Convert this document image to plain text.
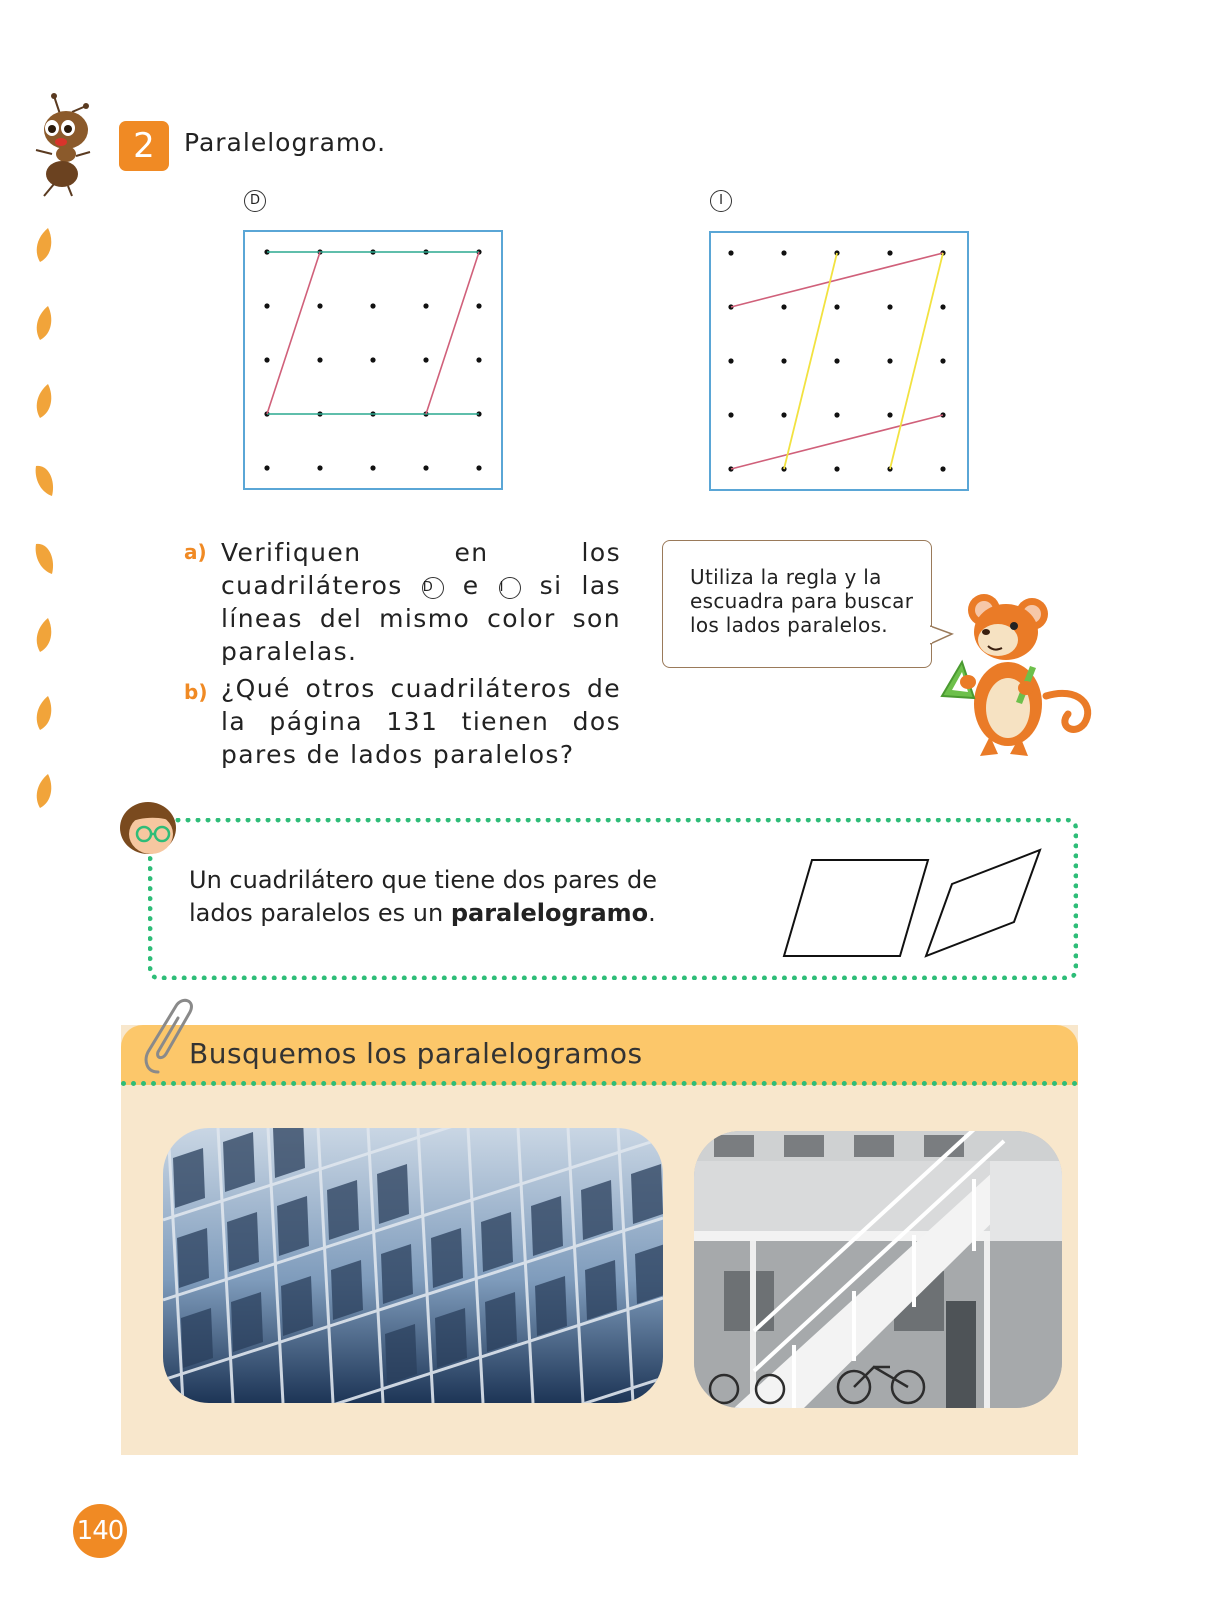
2	Paralelogramo.
D	I
a) Verifiquen en los cuadriláteros D e I si las líneas del mismo color son paralelas.
b) ¿Qué otros cuadriláteros de la página 131 tienen dos pares de lados paralelos?
Utiliza la regla y la
escuadra para buscar
los lados paralelos.
Un cuadrilátero que tiene dos pares de
lados paralelos es un paralelogramo.
Busquemos los paralelogramos
140
